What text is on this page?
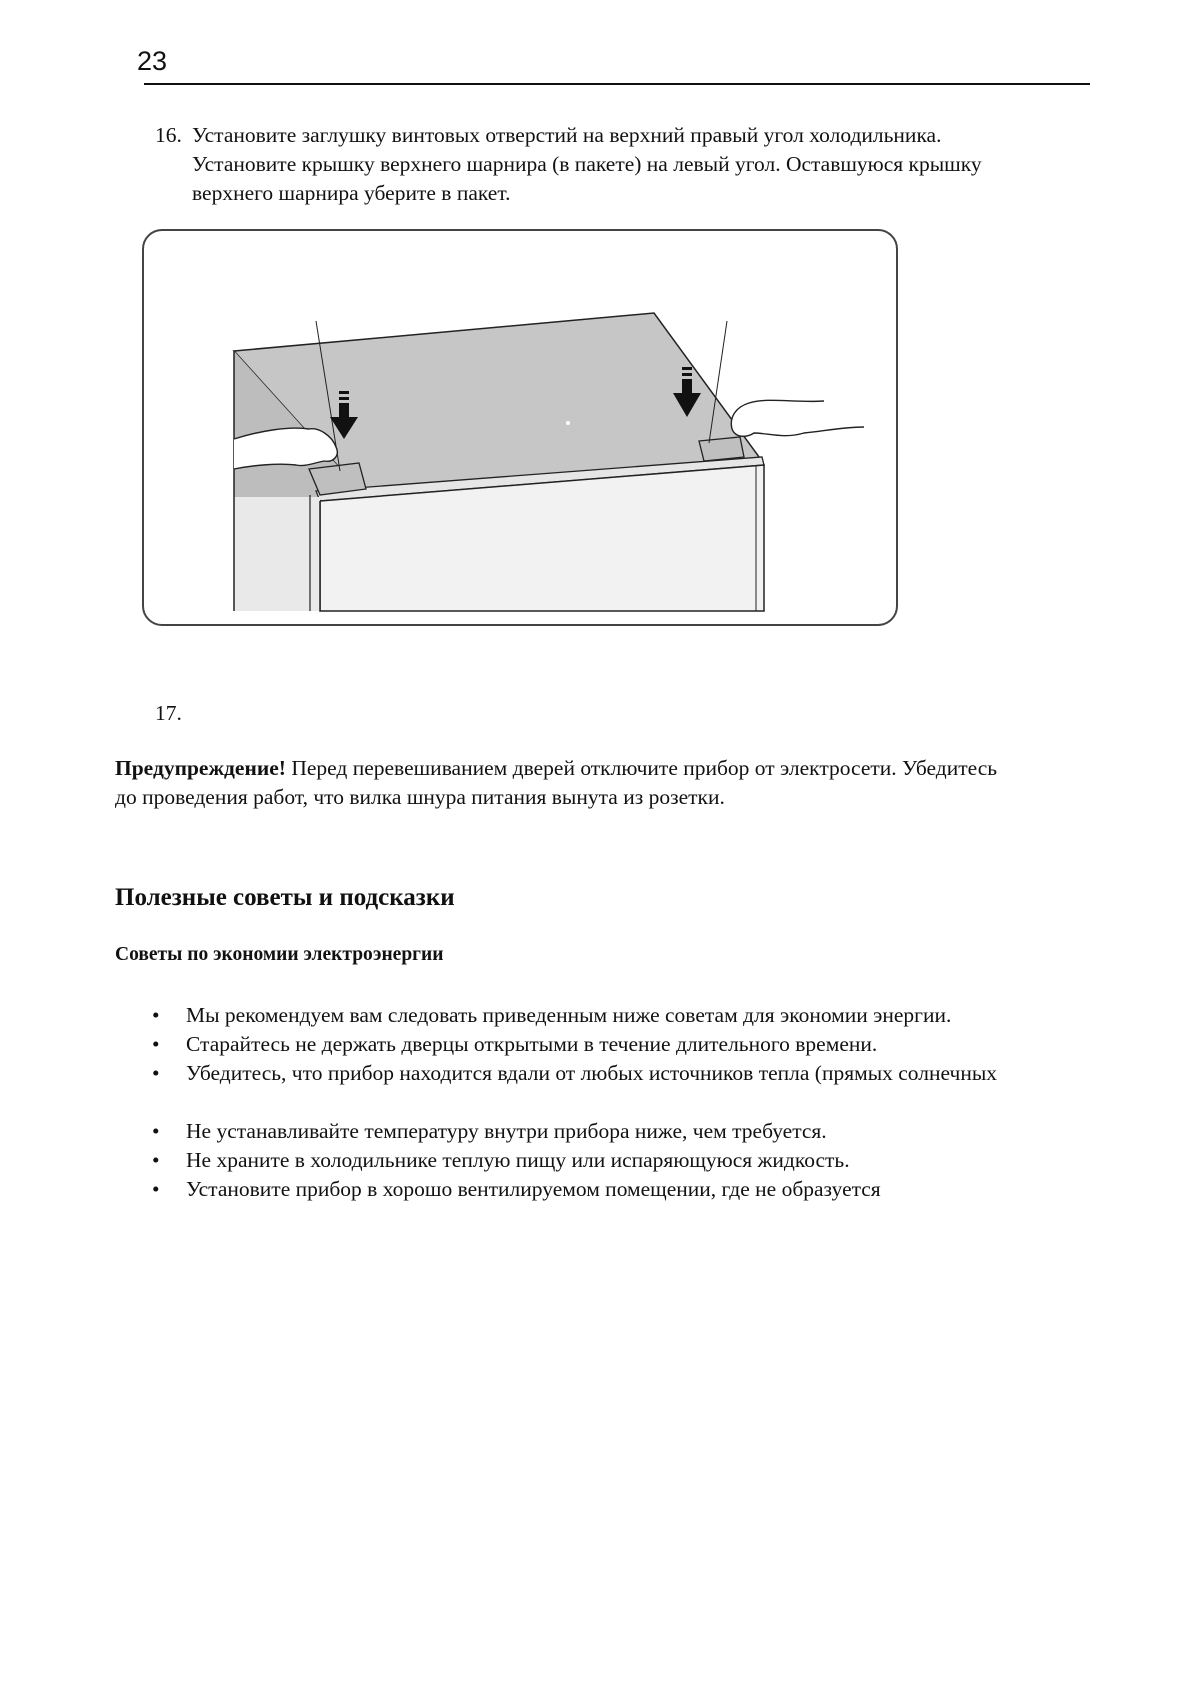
23
16. Установите заглушку винтовых отверстий на верхний правый угол холодильника.
Установите крышку верхнего шарнира (в пакете) на левый угол. Оставшуюся крышку
верхнего шарнира уберите в пакет.
17.
Предупреждение! Перед перевешиванием дверей отключите прибор от электросети. Убедитесь
до проведения работ, что вилка шнура питания вынута из розетки.
Полезные советы и подсказки
Советы по экономии электроэнергии
• Мы рекомендуем вам следовать приведенным ниже советам для экономии энергии.
• Старайтесь не держать дверцы открытыми в течение длительного времени.
• Убедитесь, что прибор находится вдали от любых источников тепла (прямых солнечных
• Не устанавливайте температуру внутри прибора ниже, чем требуется.
• Не храните в холодильнике теплую пищу или испаряющуюся жидкость.
• Установите прибор в хорошо вентилируемом помещении, где не образуется
